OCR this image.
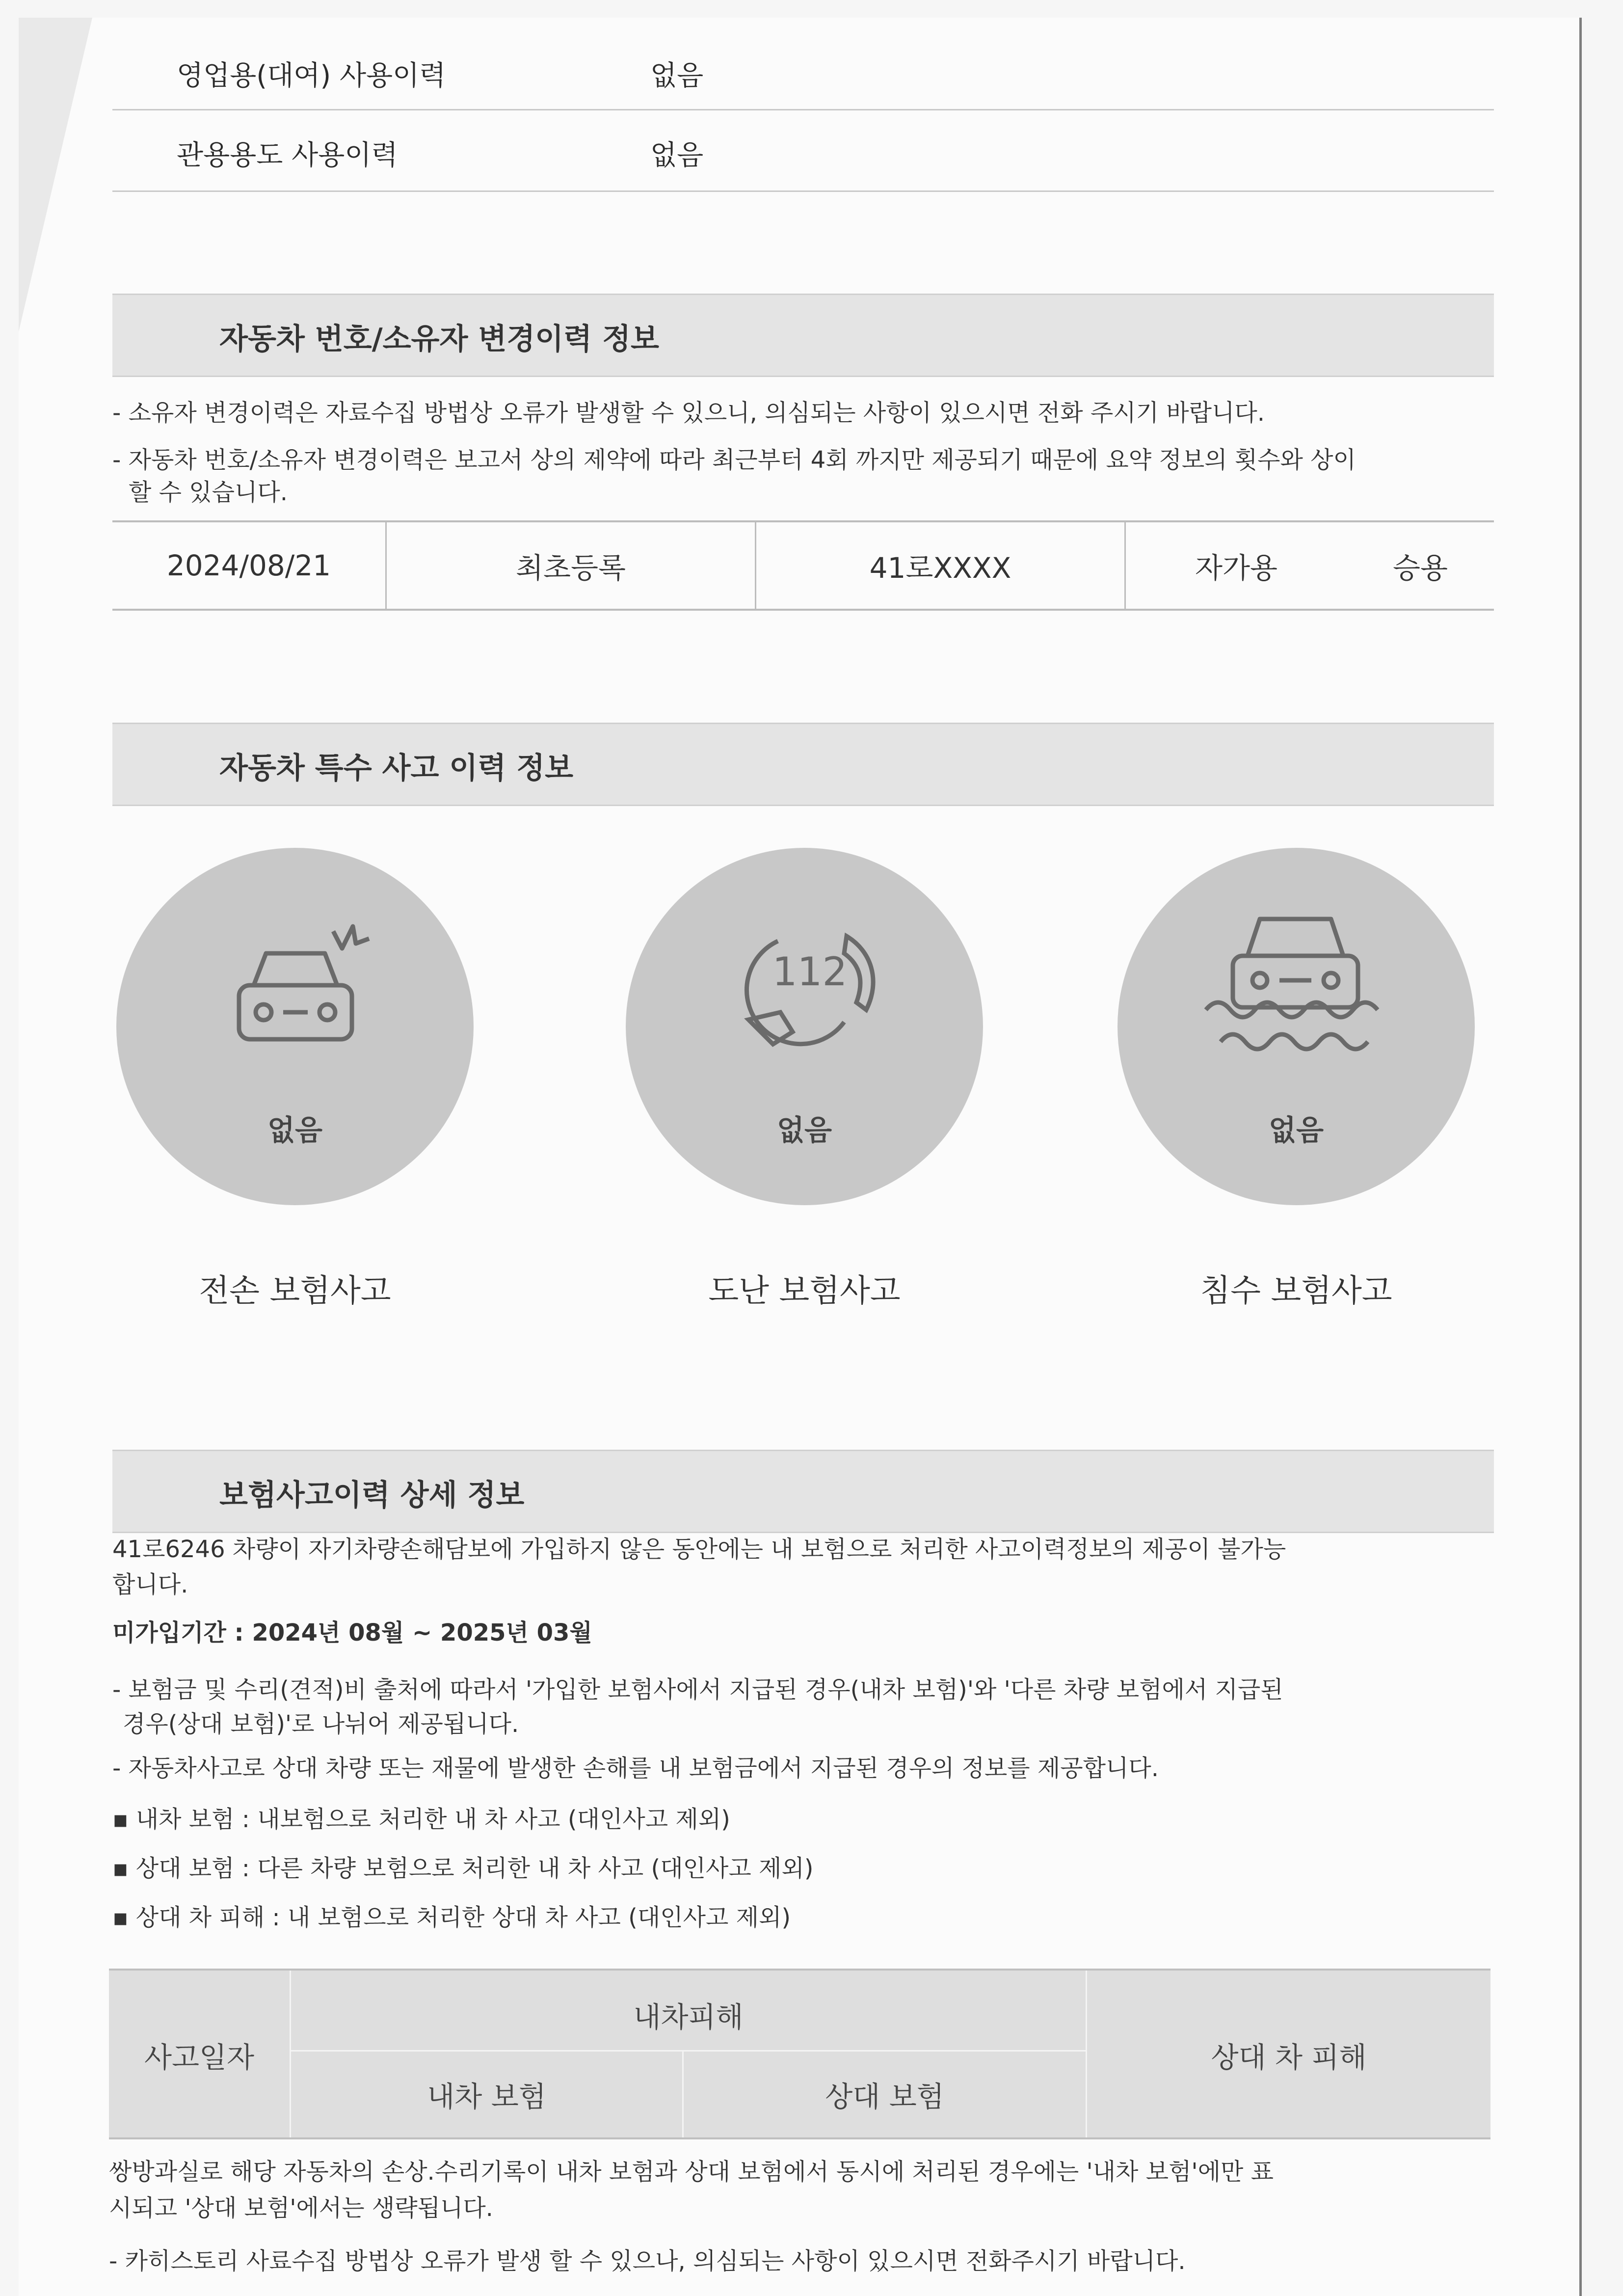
영업용(대여) 사용이력	없음
관용용도 사용이력	없음
자동차 번호/소유자 변경이력 정보
- 소유자 변경이력은 자료수집 방법상 오류가 발생할 수 있으니, 의심되는 사항이 있으시면 전화 주시기 바랍니다.
- 자동차 번호/소유자 변경이력은 보고서 상의 제약에 따라 최근부터 4회 까지만 제공되기 때문에 요약 정보의 횟수와 상이
할 수 있습니다.
2024/08/21	최초등록	41로XXXX	자가용	승용
자동차 특수 사고 이력 정보
없음
112
없음	없음
전손 보험사고	도난 보험사고	침수 보험사고
보험사고이력 상세 정보
41로6246 차량이 자기차량손해담보에 가입하지 않은 동안에는 내 보험으로 처리한 사고이력정보의 제공이 불가능
합니다.
미가입기간 : 2024년 08월 ~ 2025년 03월
- 보험금 및 수리(견적)비 출처에 따라서 '가입한 보험사에서 지급된 경우(내차 보험)'와 '다른 차량 보험에서 지급된
경우(상대 보험)'로 나뉘어 제공됩니다.
- 자동차사고로 상대 차량 또는 재물에 발생한 손해를 내 보험금에서 지급된 경우의 정보를 제공합니다.
▪ 내차 보험 : 내보험으로 처리한 내 차 사고 (대인사고 제외)
▪ 상대 보험 : 다른 차량 보험으로 처리한 내 차 사고 (대인사고 제외)
▪ 상대 차 피해 : 내 보험으로 처리한 상대 차 사고 (대인사고 제외)
사고일자
내차피해
내차 보험	상대 보험
상대 차 피해
쌍방과실로 해당 자동차의 손상.수리기록이 내차 보험과 상대 보험에서 동시에 처리된 경우에는 '내차 보험'에만 표
시되고 '상대 보험'에서는 생략됩니다.
- 카히스토리 사료수집 방법상 오류가 발생 할 수 있으나, 의심되는 사항이 있으시면 전화주시기 바랍니다.
